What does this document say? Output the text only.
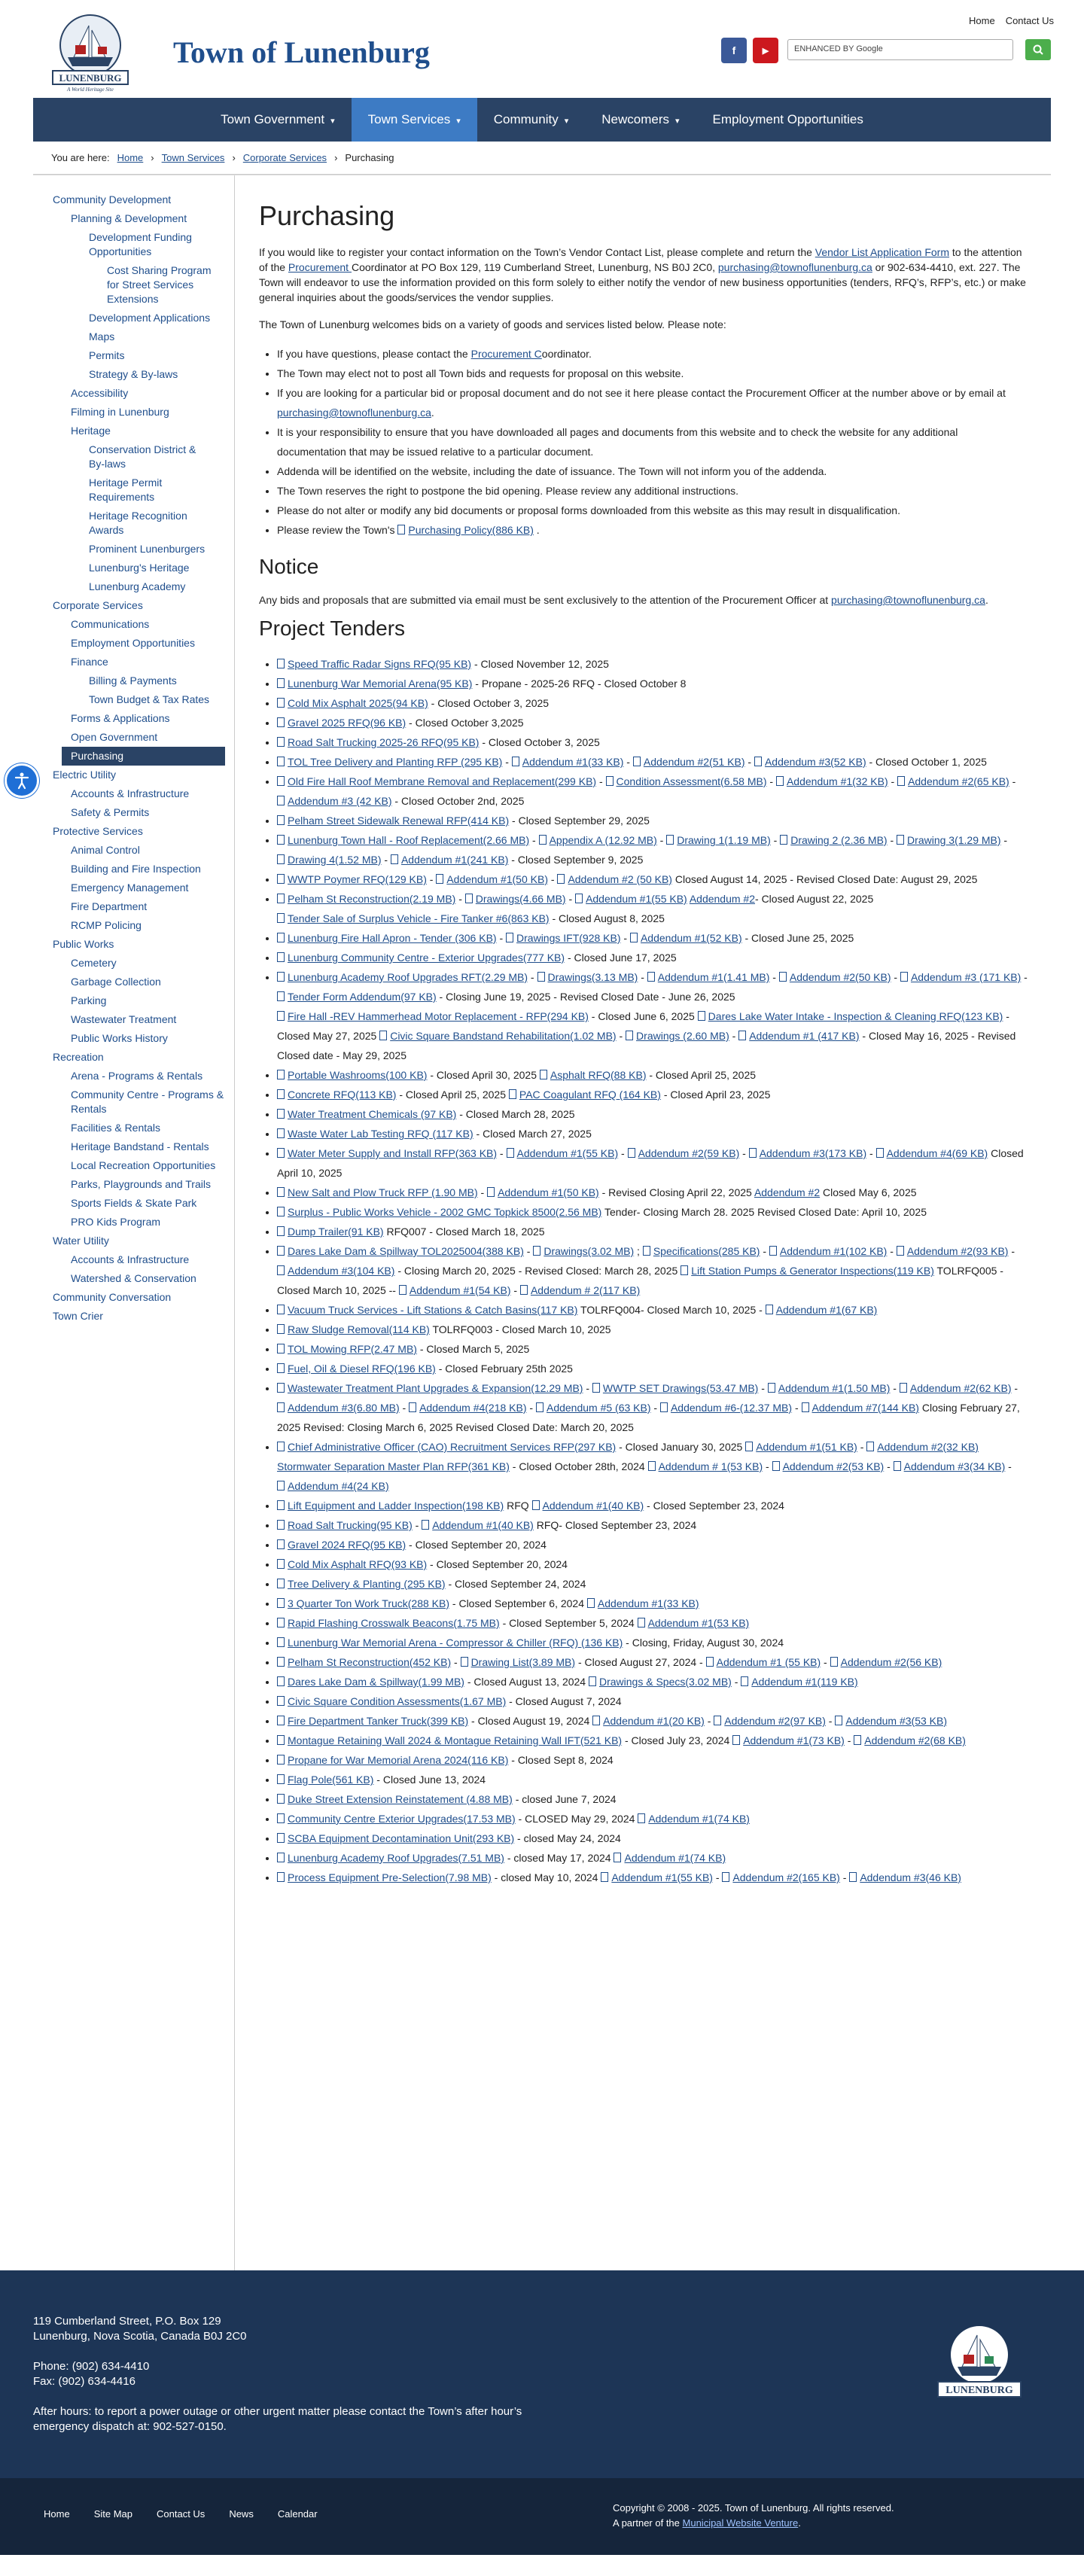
LUNENBURG
A World Heritage Site
Town of Lunenburg
Home Contact Us
f	▶	ENHANCED BY Google
Town Government ▾	Town Services ▾	Community ▾	Newcomers ▾	Employment Opportunities
You are here: Home › Town Services › Corporate Services › Purchasing
Community Development
Planning & Development
Development Funding Opportunities
Cost Sharing Program for Street Services Extensions
Development Applications
Maps
Permits
Strategy & By-laws
Accessibility
Filming in Lunenburg
Heritage
Conservation District & By-laws
Heritage Permit Requirements
Heritage Recognition Awards
Prominent Lunenburgers
Lunenburg's Heritage
Lunenburg Academy
Corporate Services
Communications
Employment Opportunities
Finance
Billing & Payments
Town Budget & Tax Rates
Forms & Applications
Open Government
Purchasing
Electric Utility
Accounts & Infrastructure
Safety & Permits
Protective Services
Animal Control
Building and Fire Inspection
Emergency Management
Fire Department
RCMP Policing
Public Works
Cemetery
Garbage Collection
Parking
Wastewater Treatment
Public Works History
Recreation
Arena - Programs & Rentals
Community Centre - Programs & Rentals
Facilities & Rentals
Heritage Bandstand - Rentals
Local Recreation Opportunities
Parks, Playgrounds and Trails
Sports Fields & Skate Park
PRO Kids Program
Water Utility
Accounts & Infrastructure
Watershed & Conservation
Community Conversation
Town Crier
Purchasing

If you would like to register your contact information on the Town’s Vendor Contact List, please complete and return the Vendor List Application Form to the attention of the Procurement Coordinator at PO Box 129, 119 Cumberland Street, Lunenburg, NS B0J 2C0, purchasing@townoflunenburg.ca or 902-634-4410, ext. 227. The Town will endeavor to use the information provided on this form solely to either notify the vendor of new business opportunities (tenders, RFQ’s, RFP’s, etc.) or make general inquiries about the goods/services the vendor supplies.

The Town of Lunenburg welcomes bids on a variety of goods and services listed below. Please note:

• If you have questions, please contact the Procurement Coordinator.
• The Town may elect not to post all Town bids and requests for proposal on this website.
• If you are looking for a particular bid or proposal document and do not see it here please contact the Procurement Officer at the number above or by email at purchasing@townoflunenburg.ca.
• It is your responsibility to ensure that you have downloaded all pages and documents from this website and to check the website for any additional documentation that may be issued relative to a particular document.
• Addenda will be identified on the website, including the date of issuance. The Town will not inform you of the addenda.
• The Town reserves the right to postpone the bid opening. Please review any additional instructions.
• Please do not alter or modify any bid documents or proposal forms downloaded from this website as this may result in disqualification.
• Please review the Town's Purchasing Policy(886 KB) .
Notice

Any bids and proposals that are submitted via email must be sent exclusively to the attention of the Procurement Officer at purchasing@townoflunenburg.ca.

Project Tenders
• Speed Traffic Radar Signs RFQ(95 KB) - Closed November 12, 2025
• Lunenburg War Memorial Arena(95 KB) - Propane - 2025-26 RFQ - Closed October 8
• Cold Mix Asphalt 2025(94 KB) - Closed October 3, 2025
• Gravel 2025 RFQ(96 KB) - Closed October 3,2025
• Road Salt Trucking 2025-26 RFQ(95 KB) - Closed October 3, 2025
• TOL Tree Delivery and Planting RFP (295 KB) - Addendum #1(33 KB) - Addendum #2(51 KB) - Addendum #3(52 KB) - Closed October 1, 2025
• Old Fire Hall Roof Membrane Removal and Replacement(299 KB) - Condition Assessment(6.58 MB) - Addendum #1(32 KB) - Addendum #2(65 KB) - Addendum #3 (42 KB) - Closed October 2nd, 2025
• Pelham Street Sidewalk Renewal RFP(414 KB) - Closed September 29, 2025
• Lunenburg Town Hall - Roof Replacement(2.66 MB) - Appendix A (12.92 MB) - Drawing 1(1.19 MB) - Drawing 2 (2.36 MB) - Drawing 3(1.29 MB) - Drawing 4(1.52 MB) - Addendum #1(241 KB) - Closed September 9, 2025
• WWTP Poymer RFQ(129 KB) - Addendum #1(50 KB) - Addendum #2 (50 KB) Closed August 14, 2025 - Revised Closed Date: August 29, 2025
• Pelham St Reconstruction(2.19 MB) - Drawings(4.66 MB) - Addendum #1(55 KB) Addendum #2- Closed August 22, 2025 Tender Sale of Surplus Vehicle - Fire Tanker #6(863 KB) - Closed August 8, 2025
• Lunenburg Fire Hall Apron - Tender (306 KB) - Drawings IFT(928 KB) - Addendum #1(52 KB) - Closed June 25, 2025
• Lunenburg Community Centre - Exterior Upgrades(777 KB) - Closed June 17, 2025
• Lunenburg Academy Roof Upgrades RFT(2.29 MB) - Drawings(3.13 MB) - Addendum #1(1.41 MB) - Addendum #2(50 KB) - Addendum #3 (171 KB) - Tender Form Addendum(97 KB) - Closing June 19, 2025 - Revised Closed Date - June 26, 2025 Fire Hall -REV Hammerhead Motor Replacement - RFP(294 KB) - Closed June 6, 2025 Dares Lake Water Intake - Inspection & Cleaning RFQ(123 KB) - Closed May 27, 2025 Civic Square Bandstand Rehabilitation(1.02 MB) - Drawings (2.60 MB) - Addendum #1 (417 KB) - Closed May 16, 2025 - Revised Closed date - May 29, 2025
• Portable Washrooms(100 KB) - Closed April 30, 2025 Asphalt RFQ(88 KB) - Closed April 25, 2025
• Concrete RFQ(113 KB) - Closed April 25, 2025 PAC Coagulant RFQ (164 KB) - Closed April 23, 2025
• Water Treatment Chemicals (97 KB) - Closed March 28, 2025
• Waste Water Lab Testing RFQ (117 KB) - Closed March 27, 2025
• Water Meter Supply and Install RFP(363 KB) - Addendum #1(55 KB) - Addendum #2(59 KB) - Addendum #3(173 KB) - Addendum #4(69 KB) Closed April 10, 2025
• New Salt and Plow Truck RFP (1.90 MB) - Addendum #1(50 KB) - Revised Closing April 22, 2025 Addendum #2 Closed May 6, 2025
• Surplus - Public Works Vehicle - 2002 GMC Topkick 8500(2.56 MB) Tender- Closing March 28. 2025 Revised Closed Date: April 10, 2025
• Dump Trailer(91 KB) RFQ007 - Closed March 18, 2025
• Dares Lake Dam & Spillway TOL2025004(388 KB) - Drawings(3.02 MB) ; Specifications(285 KB) - Addendum #1(102 KB) - Addendum #2(93 KB) - Addendum #3(104 KB) - Closing March 20, 2025 - Revised Closed: March 28, 2025 Lift Station Pumps & Generator Inspections(119 KB) TOLRFQ005 - Closed March 10, 2025 -- Addendum #1(54 KB) - Addendum # 2(117 KB)
• Vacuum Truck Services - Lift Stations & Catch Basins(117 KB) TOLRFQ004- Closed March 10, 2025 - Addendum #1(67 KB)
• Raw Sludge Removal(114 KB) TOLRFQ003 - Closed March 10, 2025
• TOL Mowing RFP(2.47 MB) - Closed March 5, 2025
• Fuel, Oil & Diesel RFQ(196 KB) - Closed February 25th 2025
• Wastewater Treatment Plant Upgrades & Expansion(12.29 MB) - WWTP SET Drawings(53.47 MB) - Addendum #1(1.50 MB) - Addendum #2(62 KB) - Addendum #3(6.80 MB) - Addendum #4(218 KB) - Addendum #5 (63 KB) - Addendum #6-(12.37 MB) - Addendum #7(144 KB) Closing February 27, 2025 Revised: Closing March 6, 2025 Revised Closed Date: March 20, 2025
• Chief Administrative Officer (CAO) Recruitment Services RFP(297 KB) - Closed January 30, 2025 Addendum #1(51 KB) - Addendum #2(32 KB) Stormwater Separation Master Plan RFP(361 KB) - Closed October 28th, 2024 Addendum # 1(53 KB) - Addendum #2(53 KB) - Addendum #3(34 KB) - Addendum #4(24 KB)
• Lift Equipment and Ladder Inspection(198 KB) RFQ Addendum #1(40 KB) - Closed September 23, 2024
• Road Salt Trucking(95 KB) - Addendum #1(40 KB) RFQ- Closed September 23, 2024
• Gravel 2024 RFQ(95 KB) - Closed September 20, 2024
• Cold Mix Asphalt RFQ(93 KB) - Closed September 20, 2024
• Tree Delivery & Planting (295 KB) - Closed September 24, 2024
• 3 Quarter Ton Work Truck(288 KB) - Closed September 6, 2024 Addendum #1(33 KB)
• Rapid Flashing Crosswalk Beacons(1.75 MB) - Closed September 5, 2024 Addendum #1(53 KB)
• Lunenburg War Memorial Arena - Compressor & Chiller (RFQ) (136 KB) - Closing, Friday, August 30, 2024
• Pelham St Reconstruction(452 KB) - Drawing List(3.89 MB) - Closed August 27, 2024 - Addendum #1 (55 KB) - Addendum #2(56 KB)
• Dares Lake Dam & Spillway(1.99 MB) - Closed August 13, 2024 Drawings & Specs(3.02 MB) - Addendum #1(119 KB)
• Civic Square Condition Assessments(1.67 MB) - Closed August 7, 2024
• Fire Department Tanker Truck(399 KB) - Closed August 19, 2024 Addendum #1(20 KB) - Addendum #2(97 KB) - Addendum #3(53 KB)
• Montague Retaining Wall 2024 & Montague Retaining Wall IFT(521 KB) - Closed July 23, 2024 Addendum #1(73 KB) - Addendum #2(68 KB)
• Propane for War Memorial Arena 2024(116 KB) - Closed Sept 8, 2024
• Flag Pole(561 KB) - Closed June 13, 2024
• Duke Street Extension Reinstatement (4.88 MB) - closed June 7, 2024
• Community Centre Exterior Upgrades(17.53 MB) - CLOSED May 29, 2024 Addendum #1(74 KB)
• SCBA Equipment Decontamination Unit(293 KB) - closed May 24, 2024
• Lunenburg Academy Roof Upgrades(7.51 MB) - closed May 17, 2024 Addendum #1(74 KB)
• Process Equipment Pre-Selection(7.98 MB) - closed May 10, 2024 Addendum #1(55 KB) - Addendum #2(165 KB) - Addendum #3(46 KB)

119 Cumberland Street, P.O. Box 129
Lunenburg, Nova Scotia, Canada B0J 2C0

Phone: (902) 634-4410
Fax: (902) 634-4416

After hours: to report a power outage or other urgent matter please contact the Town’s after hour’s
emergency dispatch at: 902-527-0150.

LUNENBURG
Home Site Map Contact Us News Calendar
Copyright © 2008 - 2025. Town of Lunenburg. All rights reserved.
A partner of the Municipal Website Venture.
